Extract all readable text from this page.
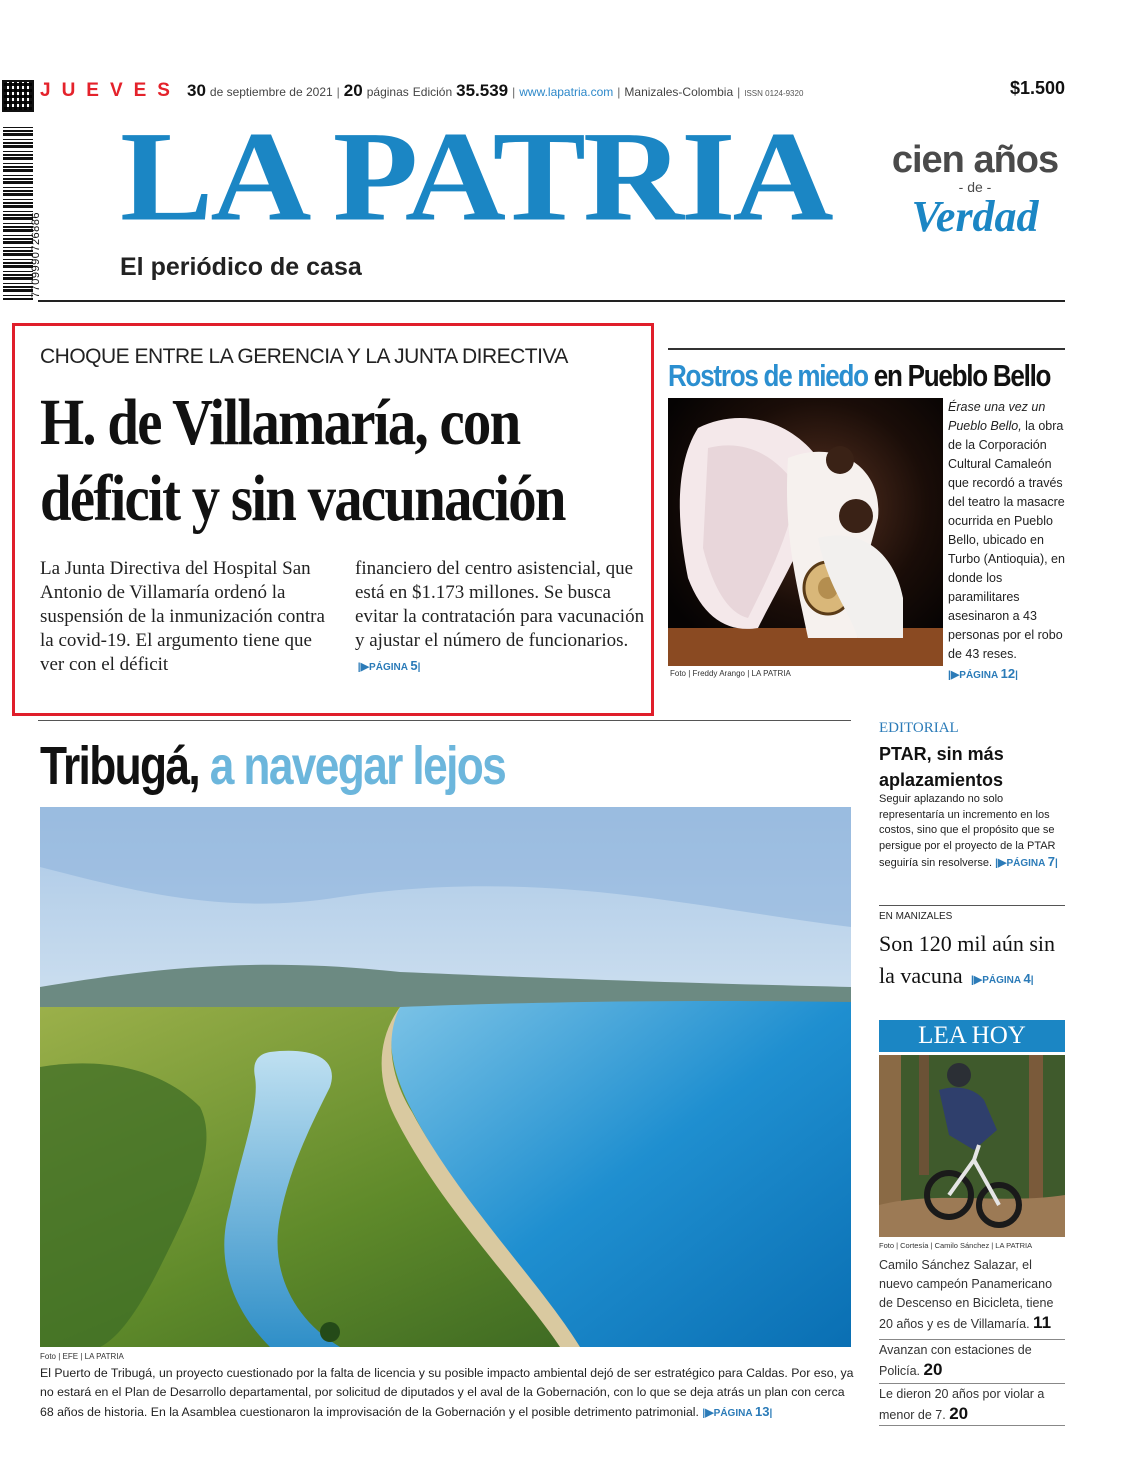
7709990726886
JUEVES 30 de septiembre de 2021 | 20 páginas Edición 35.539 | www.lapatria.com | Manizales-Colombia | ISSN 0124-9320	$1.500
LA PATRIA
El periódico de casa
cien años
- de -
Verdad
CHOQUE ENTRE LA GERENCIA Y LA JUNTA DIRECTIVA
H. de Villamaría, con
déficit y sin vacunación
La Junta Directiva del Hospital San Antonio de Villamaría ordenó la suspensión de la inmunización contra la covid-19. El argumento tiene que ver con el déficit
financiero del centro asistencial, que está en $1.173 millones. Se busca evitar la contratación para vacunación y ajustar el número de funcionarios.  |▶PÁGINA 5|
Rostros de miedo en Pueblo Bello
Foto | Freddy Arango | LA PATRIA
Érase una vez un Pueblo Bello, la obra de la Corporación Cultural Camaleón que recordó a través del teatro la masacre ocurrida en Pueblo Bello, ubicado en Turbo (Antioquia), en donde los paramilitares asesinaron a 43 personas por el robo de 43 reses. |▶PÁGINA 12|
Tribugá, a navegar lejos
Foto | EFE | LA PATRIA
El Puerto de Tribugá, un proyecto cuestionado por la falta de licencia y su posible impacto ambiental dejó de ser estratégico para Caldas. Por eso, ya no estará en el Plan de Desarrollo departamental, por solicitud de diputados y el aval de la Gobernación, con lo que se deja atrás un plan con cerca 68 años de historia. En la Asamblea cuestionaron la improvisación de la Gobernación y el posible detrimento patrimonial. |▶PÁGINA 13|
EDITORIAL
PTAR, sin más aplazamientos
Seguir aplazando no solo representaría un incremento en los costos, sino que el propósito que se persigue por el proyecto de la PTAR seguiría sin resolverse. |▶PÁGINA 7|
EN MANIZALES
Son 120 mil aún sin la vacuna  |▶PÁGINA 4|
LEA HOY
Foto | Cortesía | Camilo Sánchez | LA PATRIA
Camilo Sánchez Salazar, el nuevo campeón Panamericano de Descenso en Bicicleta, tiene 20 años y es de Villamaría. 11
Avanzan con estaciones de Policía. 20
Le dieron 20 años por violar a menor de 7. 20
